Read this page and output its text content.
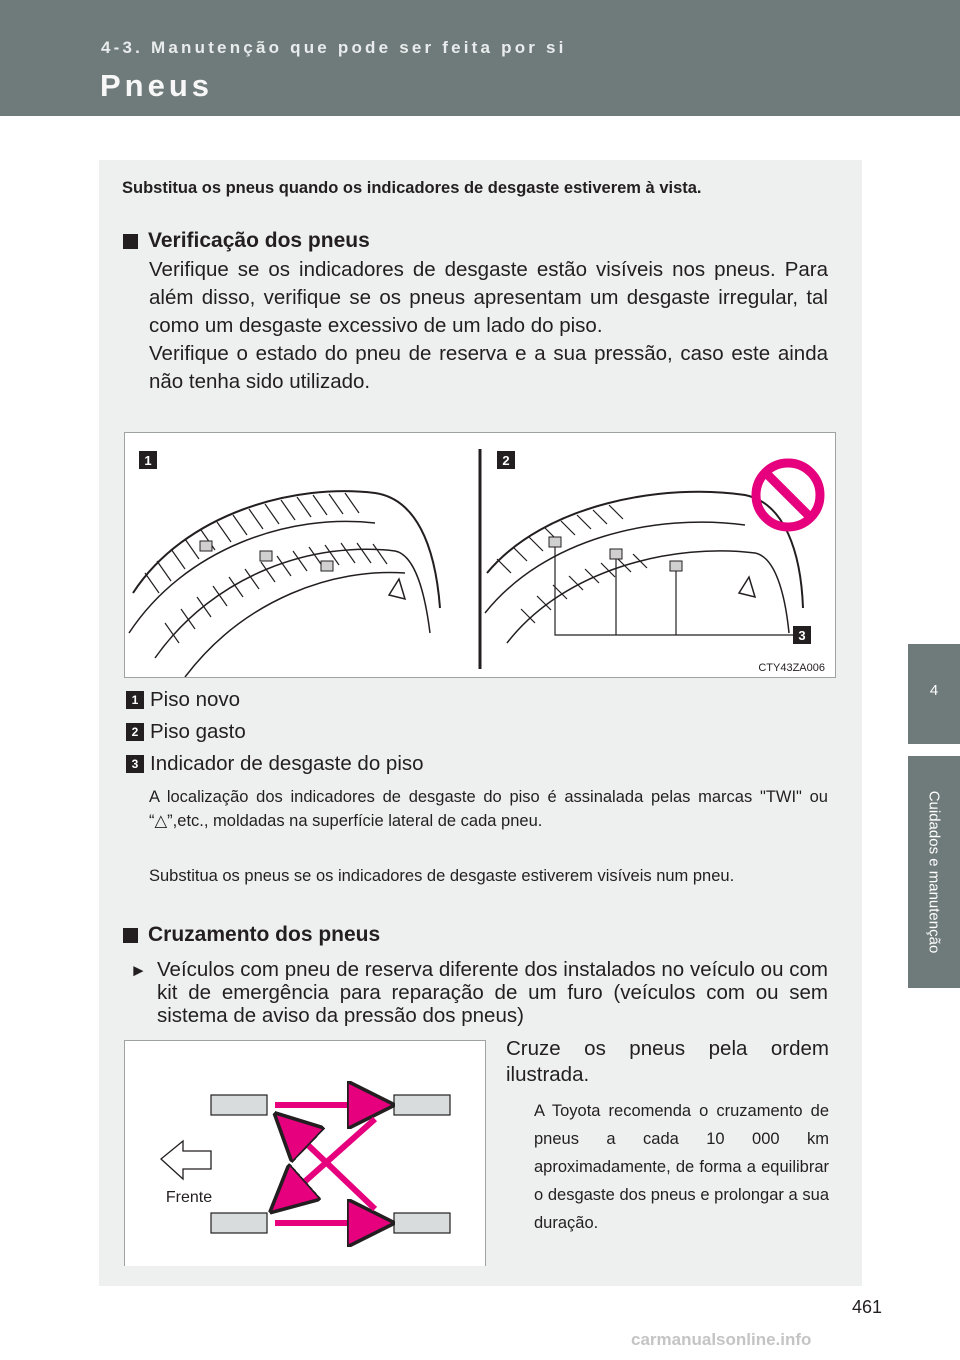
4-3. Manutenção que pode ser feita por si
Pneus
4
Cuidados e manutenção
Substitua os pneus quando os indicadores de desgaste estiverem à vista.
Verificação dos pneus

Verifique se os indicadores de desgaste estão visíveis nos pneus. Para além disso, verifique se os pneus apresentam um desgaste irregular, tal como um desgaste excessivo de um lado do piso.

Verifique o estado do pneu de reserva e a sua pressão, caso este ainda não tenha sido utilizado.

1	2
3
CTY43ZA006
1 Piso novo
2 Piso gasto
3 Indicador de desgaste do piso
A localização dos indicadores de desgaste do piso é assinalada pelas marcas "TWI" ou “△”,etc., moldadas na superfície lateral de cada pneu.
Substitua os pneus se os indicadores de desgaste estiverem visíveis num pneu.
Cruzamento dos pneus
► Veículos com pneu de reserva diferente dos instalados no veículo ou com kit de emergência para reparação de um furo (veículos com ou sem sistema de aviso da pressão dos pneus)
Frente
Cruze os pneus pela ordem ilustrada.
A Toyota recomenda o cruzamento de pneus a cada 10 000 km aproximadamente, de forma a equilibrar o desgaste dos pneus e prolongar a sua duração.
461
carmanualsonline.info
